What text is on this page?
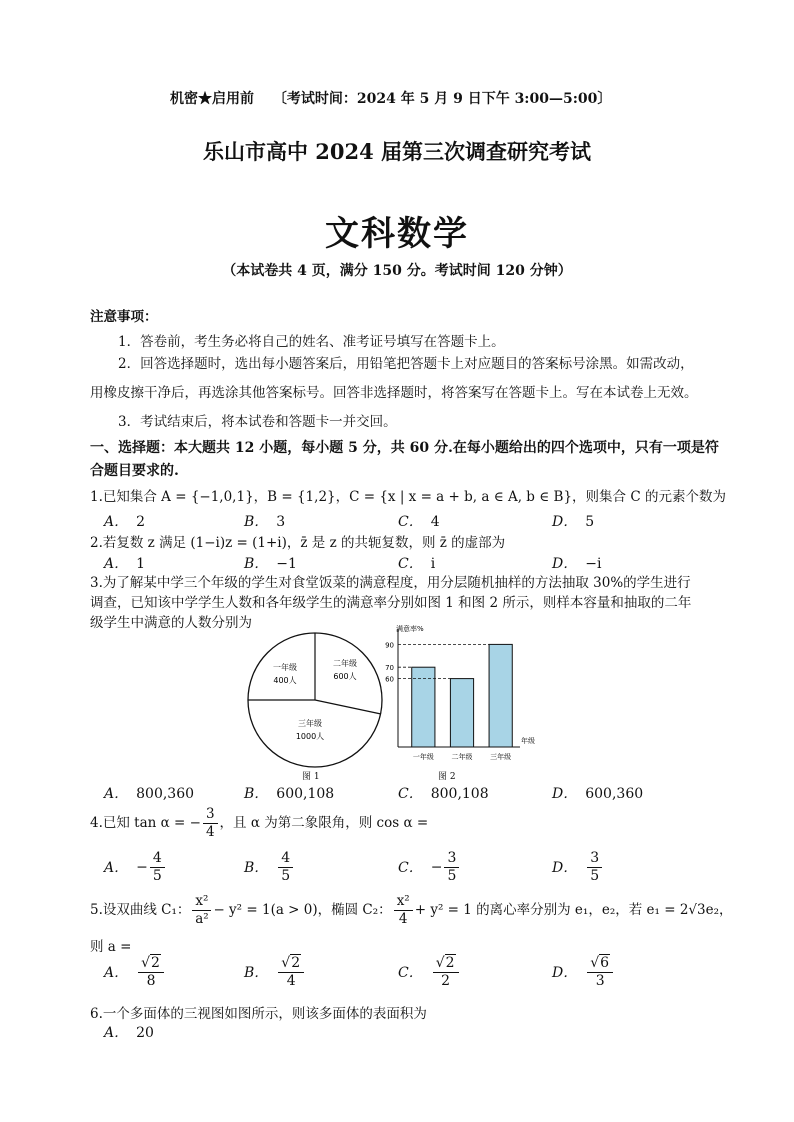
机密★启用前 〔考试时间：2024 年 5 月 9 日下午 3:00—5:00〕
乐山市高中 2024 届第三次调查研究考试
文科数学
（本试卷共 4 页，满分 150 分。考试时间 120 分钟）
注意事项：
1．答卷前，考生务必将自己的姓名、准考证号填写在答题卡上。
2．回答选择题时，选出每小题答案后，用铅笔把答题卡上对应题目的答案标号涂黑。如需改动，
用橡皮擦干净后，再选涂其他答案标号。回答非选择题时，将答案写在答题卡上。写在本试卷上无效。
3．考试结束后，将本试卷和答题卡一并交回。
一、选择题：本大题共 12 小题，每小题 5 分，共 60 分.在每小题给出的四个选项中，只有一项是符
合题目要求的.
1.已知集合 A = {−1,0,1}，B = {1,2}，C = {x | x = a + b, a ∈ A, b ∈ B}，则集合 C 的元素个数为
A． 2	B． 3	C． 4	D． 5
2.若复数 z 满足 (1−i)z = (1+i)，z̄ 是 z 的共轭复数，则 z̄ 的虚部为
A． 1	B． −1	C． i	D． −i
3.为了解某中学三个年级的学生对食堂饭菜的满意程度，用分层随机抽样的方法抽取 30%的学生进行
调查，已知该中学学生人数和各年级学生的满意率分别如图 1 和图 2 所示，则样本容量和抽取的二年
级学生中满意的人数分别为
一年级
400人
二年级
600人
三年级
1000人
图 1
满意率%
年级
一年级	二年级	三年级
60
70
90
图 2
A． 800,360	B． 600,108	C． 800,108	D． 600,360
4.已知 tan α = − $\frac{3}{4}$ ，且 α 为第二象限角，则 cos α =
A． − $\frac{4}{5}$	B． $\frac{4}{5}$	C． − $\frac{3}{5}$	D． $\frac{3}{5}$
5.设双曲线 C₁： $\frac{\text{x²}}{\text{a²}} - y^2 = 1(a > 0)$，椭圆 C₂： $\frac{\text{x²}}{4} + y^2 = 1$ 的离心率分别为 e₁，e₂，若 e₁ = 2√3e₂，
则 a =
A． $\frac{√2}{8}$	B． $\frac{√2}{4}$	C． $\frac{√2}{2}$	D． $\frac{√6}{3}$
6.一个多面体的三视图如图所示，则该多面体的表面积为
A． 20
